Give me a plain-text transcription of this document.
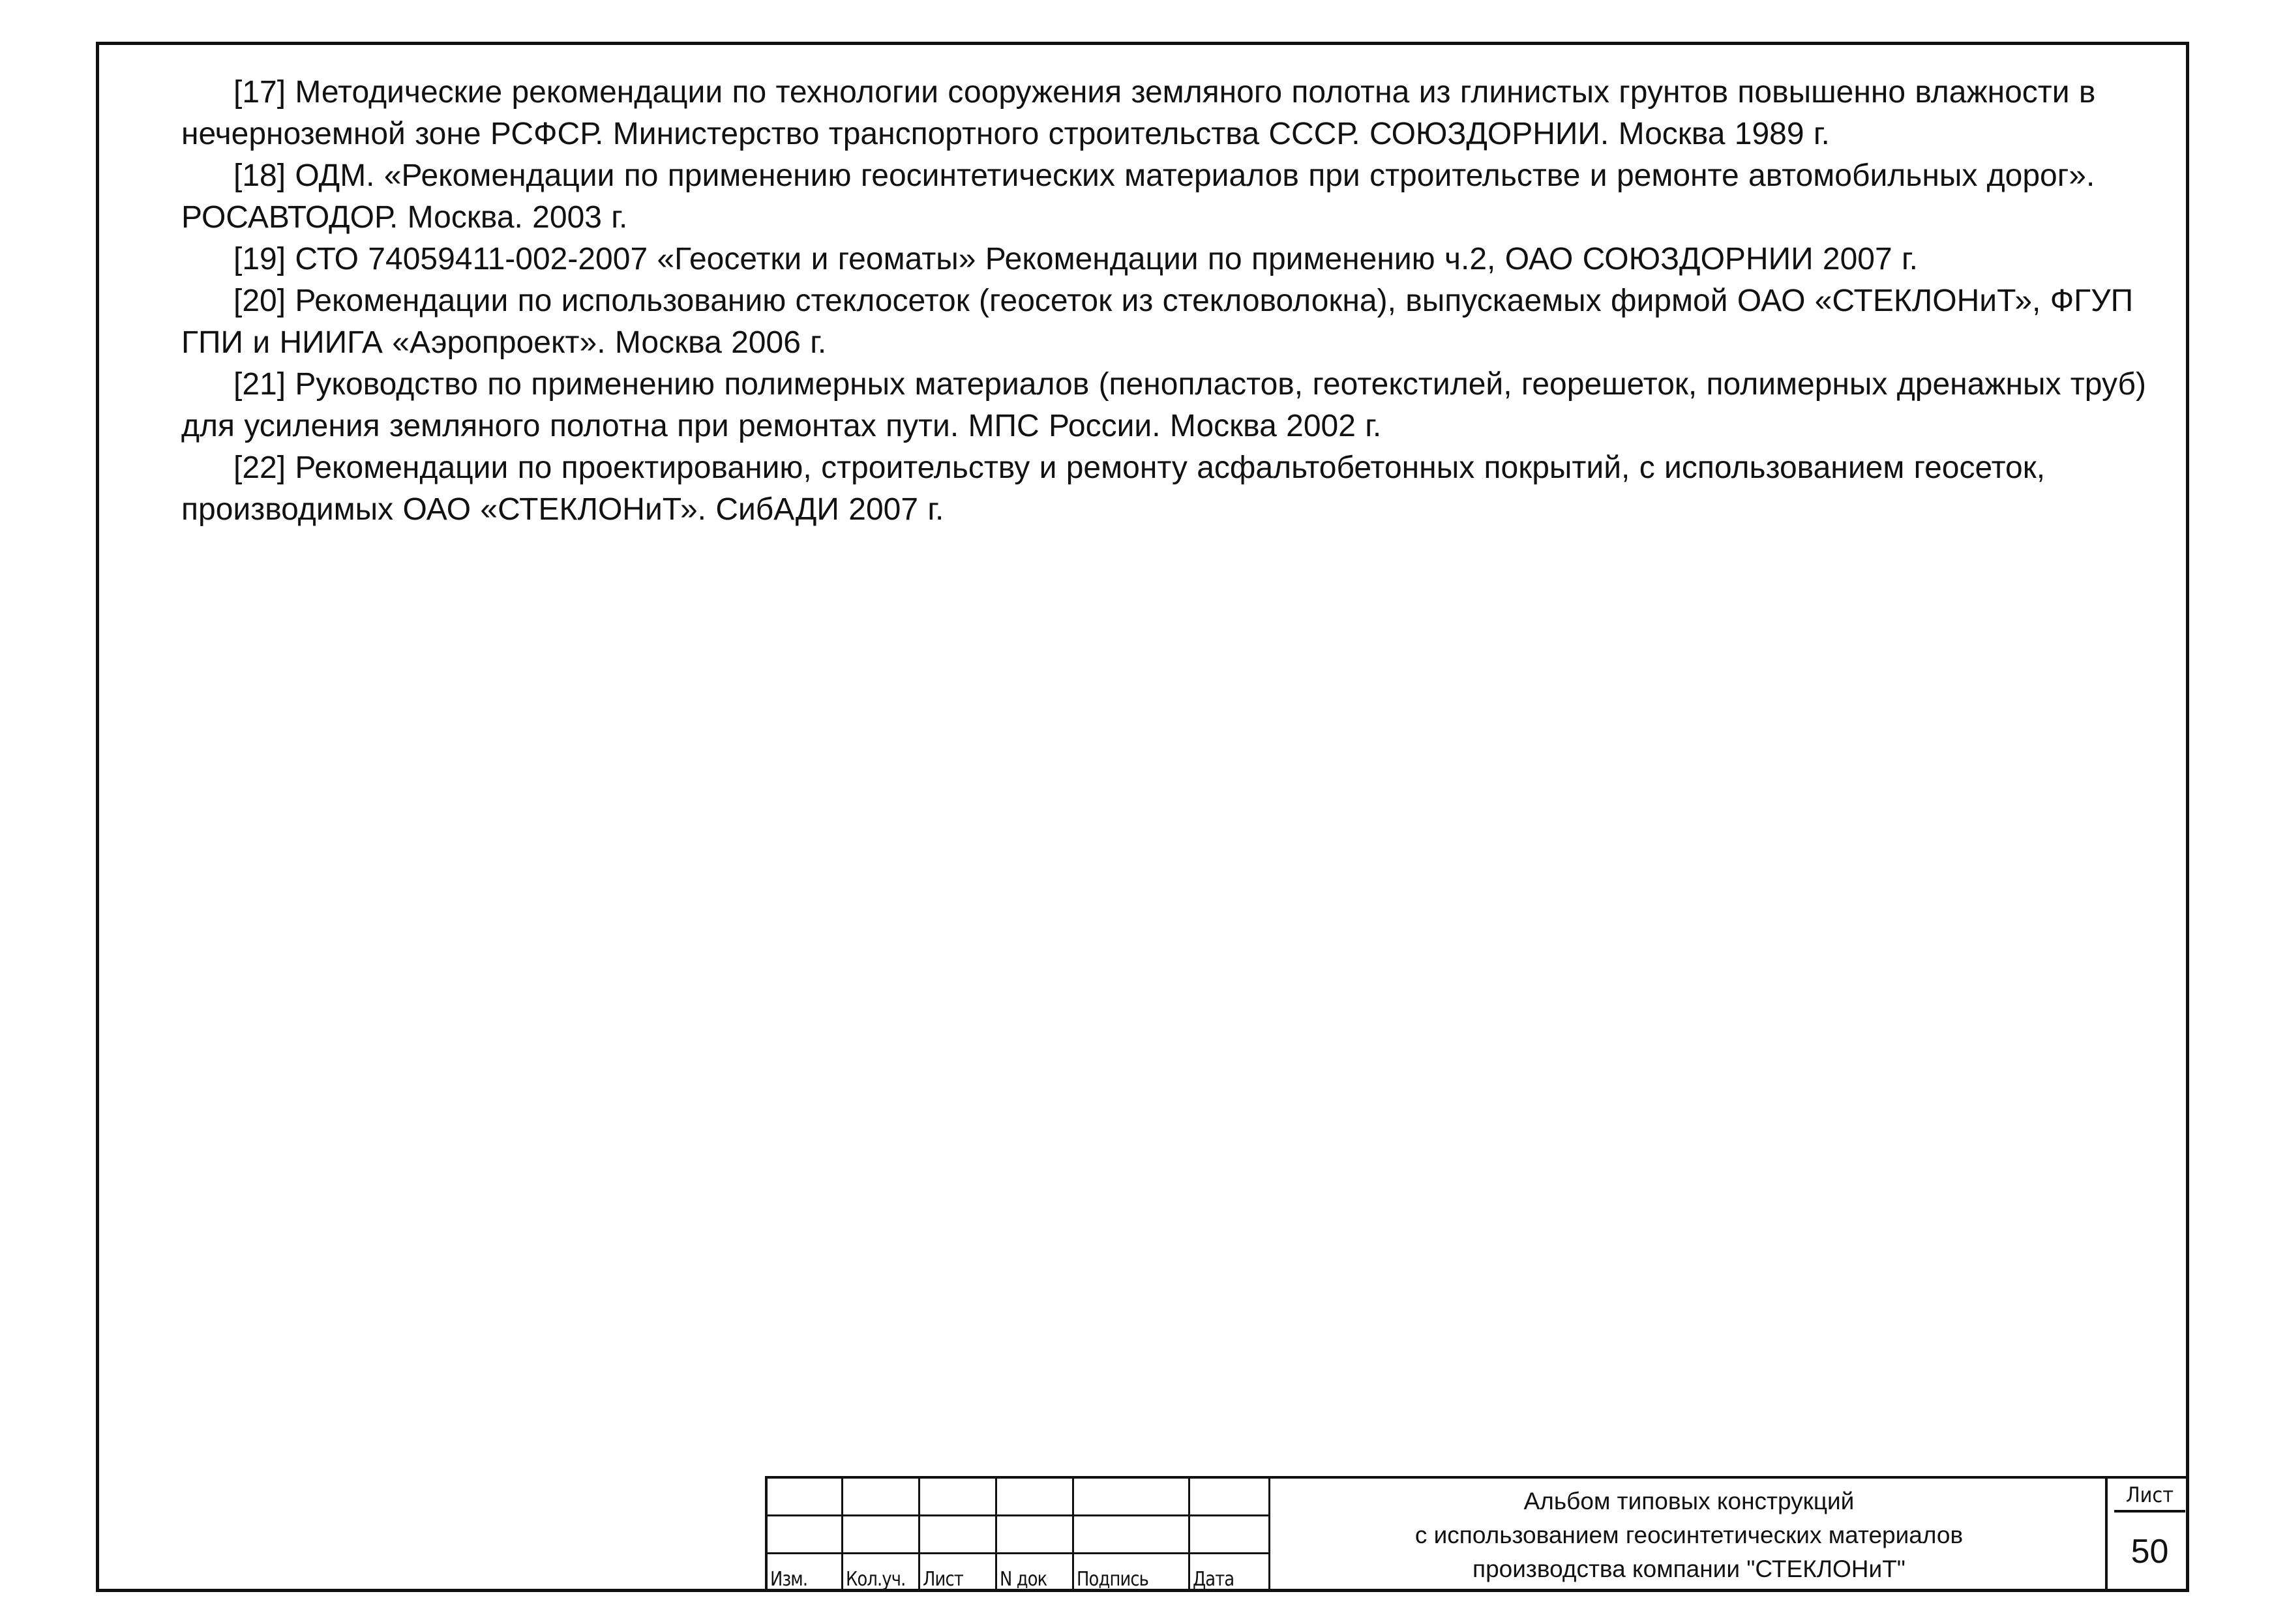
[17] Методические рекомендации по технологии сооружения земляного полотна из глинистых грунтов повышенно влажности в нечерноземной зоне РСФСР. Министерство транспортного строительства СССР. СОЮЗДОРНИИ. Москва 1989 г.

[18] ОДМ. «Рекомендации по применению геосинтетических материалов при строительстве и ремонте автомобильных дорог». РОСАВТОДОР. Москва. 2003 г.

[19] СТО 74059411-002-2007 «Геосетки и геоматы» Рекомендации по применению ч.2, ОАО СОЮЗДОРНИИ 2007 г.

[20] Рекомендации по использованию стеклосеток (геосеток из стекловолокна), выпускаемых фирмой ОАО «СТЕКЛОНиТ», ФГУП ГПИ и НИИГА «Аэропроект». Москва 2006 г.

[21] Руководство по применению полимерных материалов (пенопластов, геотекстилей, георешеток, полимерных дренажных труб) для усиления земляного полотна при ремонтах пути. МПС России. Москва 2002 г.

[22] Рекомендации по проектированию, строительству и ремонту асфальтобетонных покрытий, с использованием геосеток, производимых ОАО «СТЕКЛОНиТ». СибАДИ 2007 г.

Изм. Кол.уч. Лист N док Подпись Дата
Альбом типовых конструкций
с использованием геосинтетических материалов
производства компании "СТЕКЛОНиТ"
Лист
50
